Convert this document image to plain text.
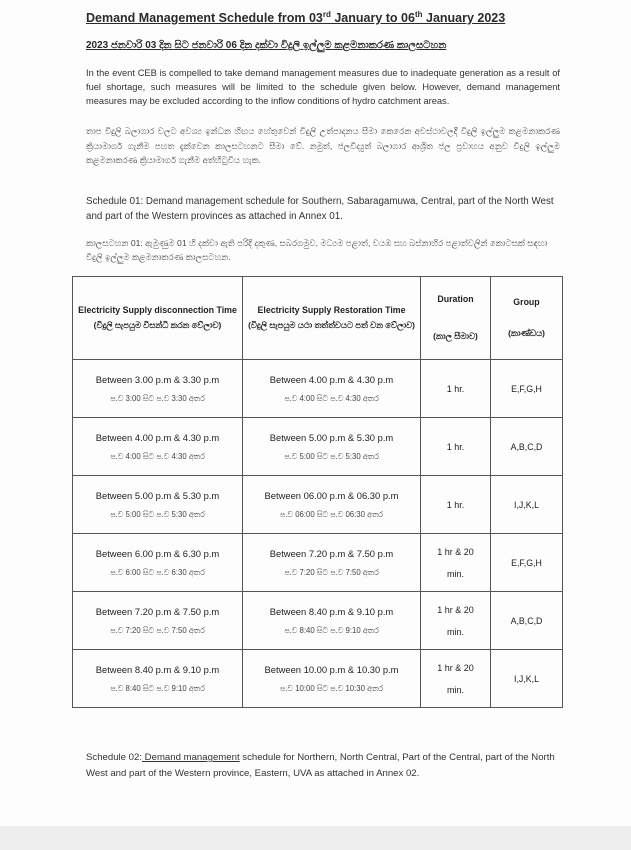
Demand Management Schedule from 03rd January to 06th January 2023
2023 ජනවාරි 03 දින සිට ජනවාරි 06 දින දක්වා විදුලි ඉල්ලුම කළමනාකරණ කාලසටහන
In the event CEB is compelled to take demand management measures due to inadequate generation as a result of fuel shortage, such measures will be limited to the schedule given below. However, demand management measures may be excluded according to the inflow conditions of hydro catchment areas.
තාප විදුලි බලාගාර වලට අවශ්‍ය ඉන්ධන හිඟය හේතුවෙන් විදුලි උත්පාදනය සීමා කෙරෙන අවස්ථාවලදී විදුලි ඉල්ලුම කළමනාකරණ ක්‍රියාමාර්ග ගැනීම පහත දැක්වෙන කාලසටහනට සීමා වේ. නමුත්, ජලවිද්‍යුත් බලාගාර ආශ්‍රිත ජල ප්‍රවාහය අනුව විදුලි ඉල්ලුම කළමනාකරණ ක්‍රියාමාර්ග ගැනීම අත්හිටුවිය හැක.
Schedule 01: Demand management schedule for Southern, Sabaragamuwa, Central, part of the North West and part of the Western provinces as attached in Annex 01.
කාලසටහන 01: ඇමුණුම 01 හි දක්වා ඇති පරිදි දකුණ, සබරගමුව, මධ්‍යම පළාත්, වයඹ සහ බස්නාහිර පළාත්වලින් කොටසක් සඳහා විදුලි ඉල්ලුම කළමනාකරණ කාලසටහන.
Electricity Supply disconnection Time
(විදුලි සැපයුම විසන්ධි කරන වේලාව)	Electricity Supply Restoration Time
(විදුලි සැපයුම යථා තත්ත්වයට පත් වන වේලාව)	Duration
(කාල සීමාව)	Group
(කාණ්ඩය)

Between 3.00 p.m & 3.30 p.m
ප.ව 3:00 සිට ප.ව 3:30 අතර	Between 4.00 p.m & 4.30 p.m
ප.ව 4:00 සිට ප.ව 4:30 අතර	1 hr.	E,F,G,H

Between 4.00 p.m & 4.30 p.m
ප.ව 4:00 සිට ප.ව 4:30 අතර	Between 5.00 p.m & 5.30 p.m
ප.ව 5:00 සිට ප.ව 5:30 අතර	1 hr.	A,B,C,D

Between 5.00 p.m & 5.30 p.m
ප.ව 5:00 සිට ප.ව 5:30 අතර	Between 06.00 p.m & 06.30 p.m
ප.ව 06:00 සිට ප.ව 06:30 අතර	1 hr.	I,J,K,L

Between 6.00 p.m & 6.30 p.m
ප.ව 6:00 සිට ප.ව 6:30 අතර	Between 7.20 p.m & 7.50 p.m
ප.ව 7:20 සිට ප.ව 7:50 අතර	1 hr & 20
min.	E,F,G,H

Between 7.20 p.m & 7.50 p.m
ප.ව 7:20 සිට ප.ව 7:50 අතර	Between 8.40 p.m & 9.10 p.m
ප.ව 8:40 සිට ප.ව 9:10 අතර	1 hr & 20
min.	A,B,C,D

Between 8.40 p.m & 9.10 p.m
ප.ව 8:40 සිට ප.ව 9:10 අතර	Between 10.00 p.m & 10.30 p.m
ප.ව 10:00 සිට ප.ව 10:30 අතර	1 hr & 20
min.	I,J,K,L
Schedule 02: Demand management schedule for Northern, North Central, Part of the Central, part of the North West and part of the Western province, Eastern, UVA as attached in Annex 02.
